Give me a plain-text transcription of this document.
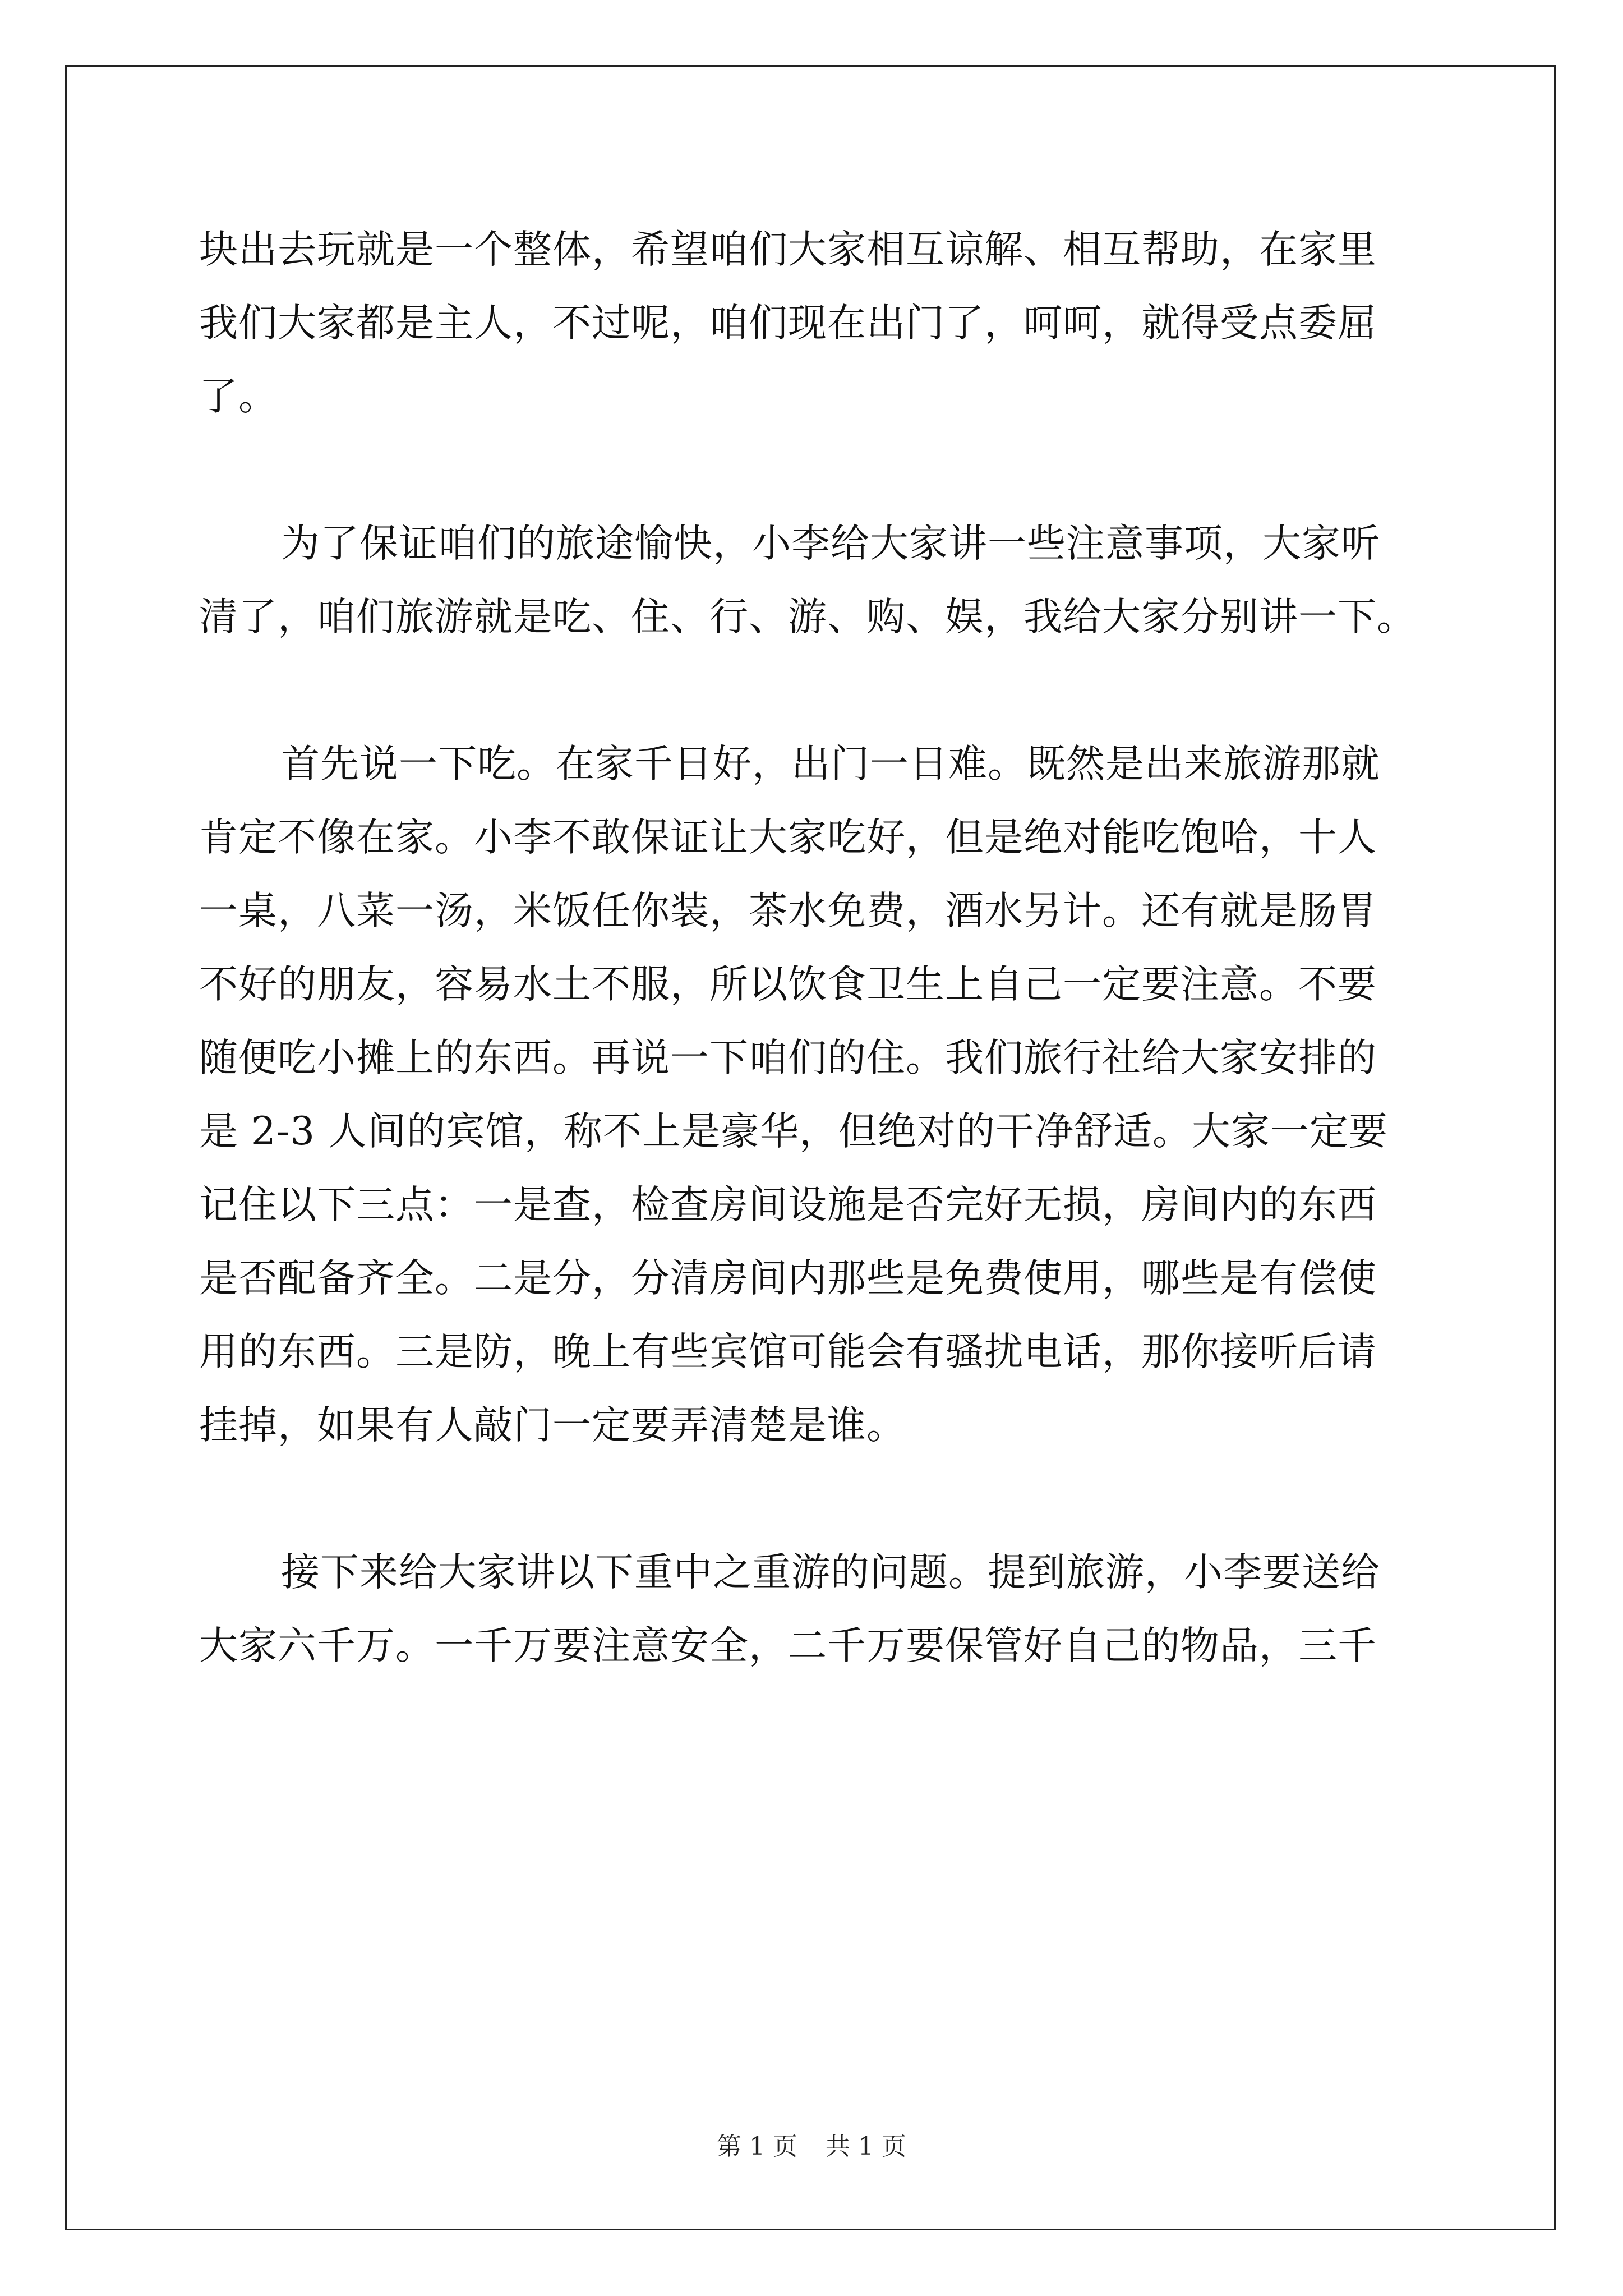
块出去玩就是一个整体，希望咱们大家相互谅解、相互帮助，在家里
我们大家都是主人，不过呢，咱们现在出门了，呵呵，就得受点委屈
了。
为了保证咱们的旅途愉快，小李给大家讲一些注意事项，大家听
清了，咱们旅游就是吃、住、行、游、购、娱，我给大家分别讲一下。
首先说一下吃。在家千日好，出门一日难。既然是出来旅游那就
肯定不像在家。小李不敢保证让大家吃好，但是绝对能吃饱哈，十人
一桌，八菜一汤，米饭任你装，茶水免费，酒水另计。还有就是肠胃
不好的朋友，容易水土不服，所以饮食卫生上自己一定要注意。不要
随便吃小摊上的东西。再说一下咱们的住。我们旅行社给大家安排的
是 2-3 人间的宾馆，称不上是豪华，但绝对的干净舒适。大家一定要
记住以下三点：一是查，检查房间设施是否完好无损，房间内的东西
是否配备齐全。二是分，分清房间内那些是免费使用，哪些是有偿使
用的东西。三是防，晚上有些宾馆可能会有骚扰电话，那你接听后请
挂掉，如果有人敲门一定要弄清楚是谁。
接下来给大家讲以下重中之重游的问题。提到旅游，小李要送给
大家六千万。一千万要注意安全，二千万要保管好自己的物品，三千
第 1 页 共 1 页
